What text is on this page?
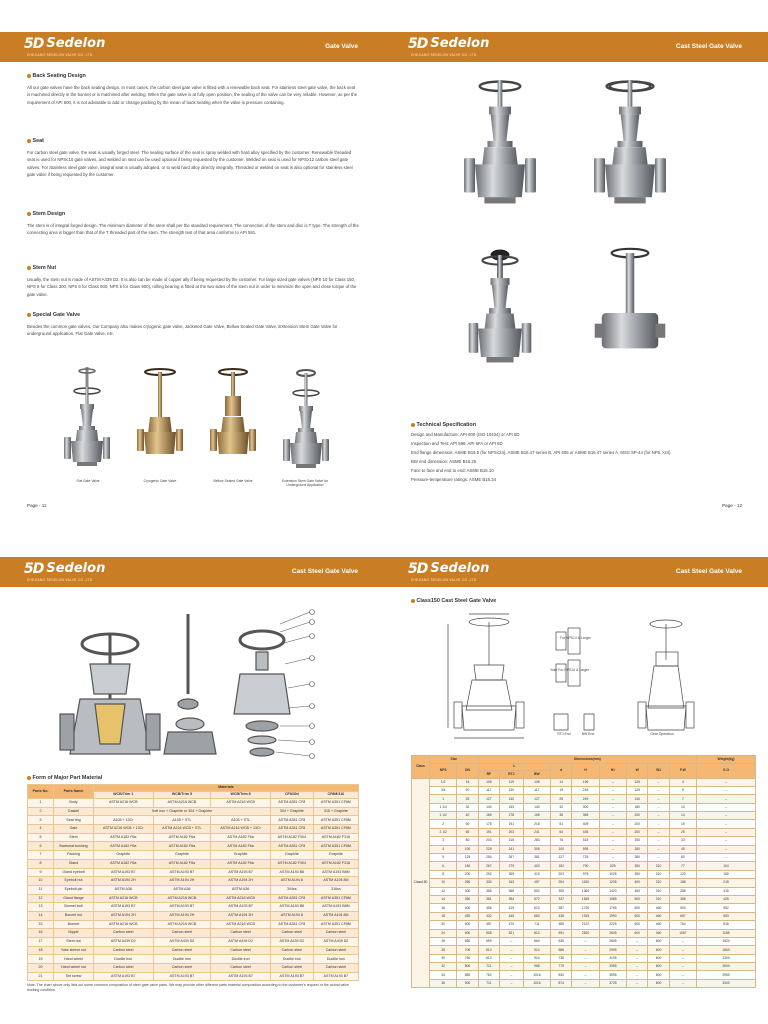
5D Sedelon
ZHEJIANG SEDELON VALVE CO.,LTD.
Gate Valve
Back Seating Design
All our gate valves have the back seating design. In most cases, the carbon steel gate valve is fitted with a renewable back seat. For stainless steel gate valve, the back seat is machined directly in the bonnet or is machined after welding. When the gate valve is at fully open position, the sealing of the valve can be very reliable. However, as per the requirement of API 600, it is not advisable to add or change packing by the mean of back seating when the valve is pressure containing.
Seat
For carbon steel gate valve, the seat is usually forged steel. The sealing surface of the seat is spray welded with hard alloy specified by the customer. Renewable threaded seat is used for NPS≤10 gate valves, and welded on seat can be used optional if being requested by the customer. Welded on seat is used for NPS≥12 carbon steel gate valves. For Stainless steel gate valve, integral seat is usually adopted, or to weld hard alloy directly integrally. Threaded or welded on seat is also optional for stainless steel gate valve if being requested by the customer.
Stem Design
The stem is of integral forged design. The minimum diameter of the stem shall per the standard requirement. The connection of the stem and disc is T type. The strength of the connecting area is bigger than that of the T threaded part of the stem. The strength test of that area conforms to API 591.
Stem Nut
Usually, the stem nut is made of ASTM A439 D2. It is also can be made of copper ally if being requested by the customer. For large sized gate valves (NPS 10 for Class 150, NPS 8 for Class 300, NPS 6 for Class 600, NPS 5 for Class 900), rolling bearing is fitted at the two sides of the stem nut in order to minimize the open and close torque of the gate valve.
Special Gate Valve
Besides the common gate valves, Our Company also makes cryogenic gate valve, Jacketed Gate Valve, Bellow Sealed Gate Valve, EXtension Stem Gate Valve for underground application, Flat Gate Valve, etc.
Flat Gate Valve	Cryogenic Gate Valve	Bellow Sealed Gate Valve	Extension Stem Gate Valve for Underground Application
Page - 11
5D Sedelon
ZHEJIANG SEDELON VALVE CO.,LTD.
Cast Steel Gate Valve
Technical Specification
Design and Manufacture: API 600 (ISO 10434) or API 6D
Inspection and Test: API 598, API 6FA or API 6D
End flange dimension: ASME B16.5 (for NPS≤24), ASME B16.47 series B, API 605 or ASME B16.47 series A, MSS SP-44 (for NPS >24)
BW end dimension: ASME B16.25
Face to face and end to end: ASME B16.10
Pressure-temperature ratings: ASME B16.34
Page - 12
5D Sedelon
ZHEJIANG SEDELON VALVE CO.,LTD.
Cast Steel Gate Valve
Form of Major Part Material
Parts No.	Parts Name	Materials				
		WCB/Trim 1	WCB/Trim 5	WCB/Trim 8	CF8/304	CF8M/316
1	Body	ASTM A216 WCB	ASTM A216 WCB	ASTM A216 WCB	ASTM A351 CF8	ASTM A351 CF8M
2	Gasket	Soft iron + Graphite or 304 + Graphite			304 + Graphite	316 + Graphite
3	Seat ring	A105 + 13Cr	A105 + STL	A105 + STL	ASTM A351 CF8	ASTM A351 CF8M
4	Gate	ASTM A216 WCB + 13Cr	ASTM A216 WCB + STL	ASTM A216 WCB + 13Cr	ASTM A351 CF8	ASTM A351 CF8M
5	Stem	ASTM A182 F6a	ASTM A182 F6a	ASTM A182 F6a	ASTM A182 F304	ASTM A182 F316
6	Backseat bushing	ASTM A182 F6a	ASTM A182 F6a	ASTM A182 F6a	ASTM A351 CF8	ASTM A351 CF8M
7	Packing	Graphite	Graphite	Graphite	Graphite	Graphite
8	Gland	ASTM A182 F6a	ASTM A182 F6a	ASTM A182 F6a	ASTM A182 F304	ASTM A182 F316
9	Gland eyebolt	ASTM A193 B7	ASTM A193 B7	ASTM A193 B7	ASTM A193 B8	ASTM A193 B8M
10	Eyebolt nut	ASTM A194 2H	ASTM A194 2H	ASTM A194 2H	ASTM A194 8	ASTM A194 8M
11	Eyebolt pin	ASTM A36	ASTM A36	ASTM A36	304ss	316ss
12	Gland flange	ASTM A216 WCB	ASTM A216 WCB	ASTM A216 WCB	ASTM A351 CF8	ASTM A351 CF8M
13	Bonnet bolt	ASTM A193 B7	ASTM A193 B7	ASTM A193 B7	ASTM A193 B8	ASTM A193 B8M
14	Bonnet nut	ASTM A194 2H	ASTM A194 2H	ASTM A194 2H	ASTM A194 8	ASTM A194 8M
15	Bonnet	ASTM A216 WCB	ASTM A216 WCB	ASTM A216 WCB	ASTM A351 CF8	ASTM A351 CF8M
16	Nipple	Carbon steel	Carbon steel	Carbon steel	Carbon steel	Carbon steel
17	Stem nut	ASTM A439 D2	ASTM A439 D2	ASTM A439 D2	ASTM A439 D2	ASTM A439 D2
18	Yoke sleeve nut	Carbon steel	Carbon steel	Carbon steel	Carbon steel	Carbon steel
19	Hand wheel	Ductile iron	Ductile iron	Ductile iron	Ductile iron	Ductile iron
20	Hand wheel nut	Carbon steel	Carbon steel	Carbon steel	Carbon steel	Carbon steel
21	Set screw	ASTM A193 B7	ASTM A193 B7	ASTM A193 B7	ASTM A193 B7	ASTM A193 B7
Note: The chart above only lists out some common composition of steel gate valve parts. We may provide other different parts material composition according to the customer's request or the actual valve working condition.
5D Sedelon
ZHEJIANG SEDELON VALVE CO.,LTD.
Cast Steel Gate Valve
Class150 Cast Steel Gate Valve
For NPS14 & Larger
Yoke For NPS14 & Larger
RTJ End	BW End	Gear Operation
Class	Size		Dimensions(mm)									Weight(kg)
	NPS	DN	L			d	H	H1	W	W1	F.W	G.O
			RF	RTJ	BW							
Class150	1/2	15	108	119	108	14	196	–	125	–	4	–
	3/4	20	117	130	117	19	218	–	125	–	5	–
	1	25	127	140	127	25	249	–	140	–	7	–
	1 1/4	32	140	153	140	32	300	–	180	–	10	–
	1 1/2	40	165	178	165	38	365	–	200	–	14	–
	2	50	178	191	216	51	409	–	200	–	19	–
	2 1/2	65	191	203	241	64	435	–	200	–	25	–
	3	80	203	216	283	76	515	–	250	–	33	–
	4	100	229	241	305	100	595	–	280	–	45	–
	5	125	254	267	381	127	725	–	280	–	60	–
	6	150	267	279	403	152	790	825	350	310	77	104
	8	200	292	305	419	203	975	1025	350	310	123	150
	10	250	330	343	457	254	1150	1205	400	310	188	215
	12	300	356	368	502	305	1360	1420	450	310	258	315
	14	350	381	394	572	337	1545	1585	500	310	365	425
	16	400	406	419	610	387	1730	1765	500	460	500	552
	18	450	432	445	660	438	1915	1990	600	460	657	653
	20	500	457	470	711	489	2122	2225	600	460	764	816
	24	600	508	521	813	591	2520	2605	600	460	1067	1185
	26	650	559	–	864	635	–	2805	–	600	–	1520
	28	700	610	–	914	686	–	2995	–	600	–	1860
	30	750	610	–	914	736	–	3195	–	600	–	2300
	32	800	711	–	965	779	–	3395	–	600	–	2600
	34	850	762	–	1016	830	–	3595	–	600	–	2950
	36	900	711	–	1016	874	–	3725	–	600	–	3300
